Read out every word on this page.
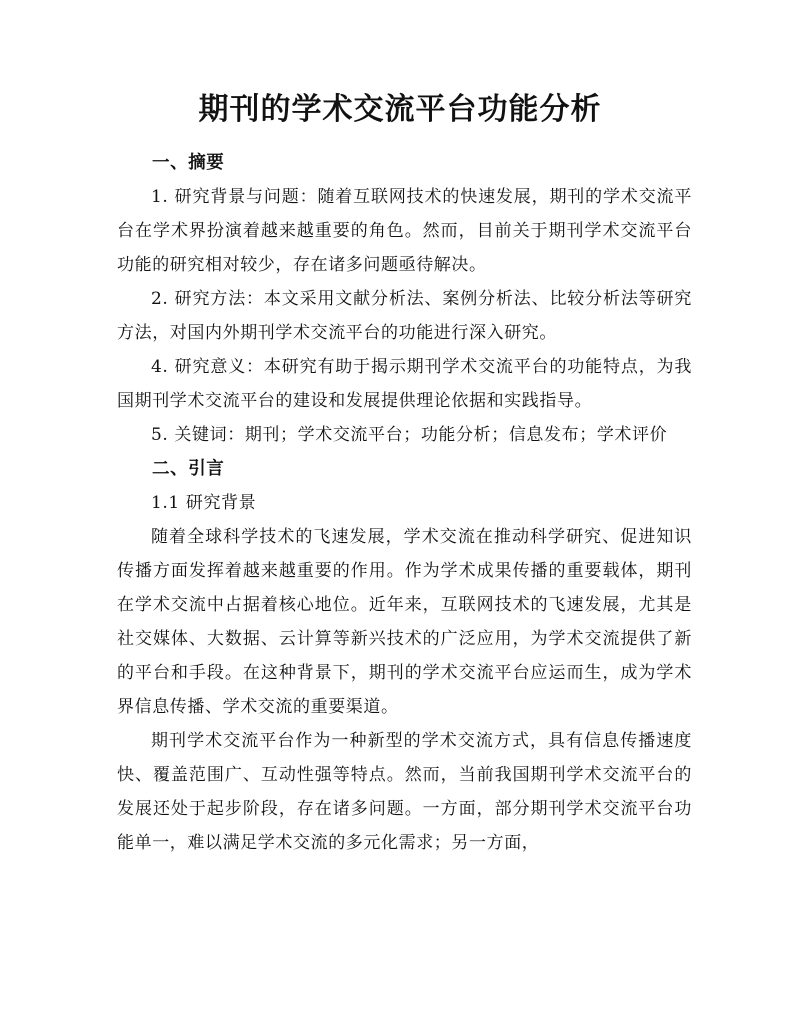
期刊的学术交流平台功能分析

一、摘要

1. 研究背景与问题：随着互联网技术的快速发展，期刊的学术交流平台在学术界扮演着越来越重要的角色。然而，目前关于期刊学术交流平台功能的研究相对较少，存在诸多问题亟待解决。

2. 研究方法：本文采用文献分析法、案例分析法、比较分析法等研究方法，对国内外期刊学术交流平台的功能进行深入研究。

4. 研究意义：本研究有助于揭示期刊学术交流平台的功能特点，为我国期刊学术交流平台的建设和发展提供理论依据和实践指导。

5. 关键词：期刊；学术交流平台；功能分析；信息发布；学术评价

二、引言

1.1 研究背景

随着全球科学技术的飞速发展，学术交流在推动科学研究、促进知识传播方面发挥着越来越重要的作用。作为学术成果传播的重要载体，期刊在学术交流中占据着核心地位。近年来，互联网技术的飞速发展，尤其是社交媒体、大数据、云计算等新兴技术的广泛应用，为学术交流提供了新的平台和手段。在这种背景下，期刊的学术交流平台应运而生，成为学术界信息传播、学术交流的重要渠道。

期刊学术交流平台作为一种新型的学术交流方式，具有信息传播速度快、覆盖范围广、互动性强等特点。然而，当前我国期刊学术交流平台的发展还处于起步阶段，存在诸多问题。一方面，部分期刊学术交流平台功能单一，难以满足学术交流的多元化需求；另一方面，
